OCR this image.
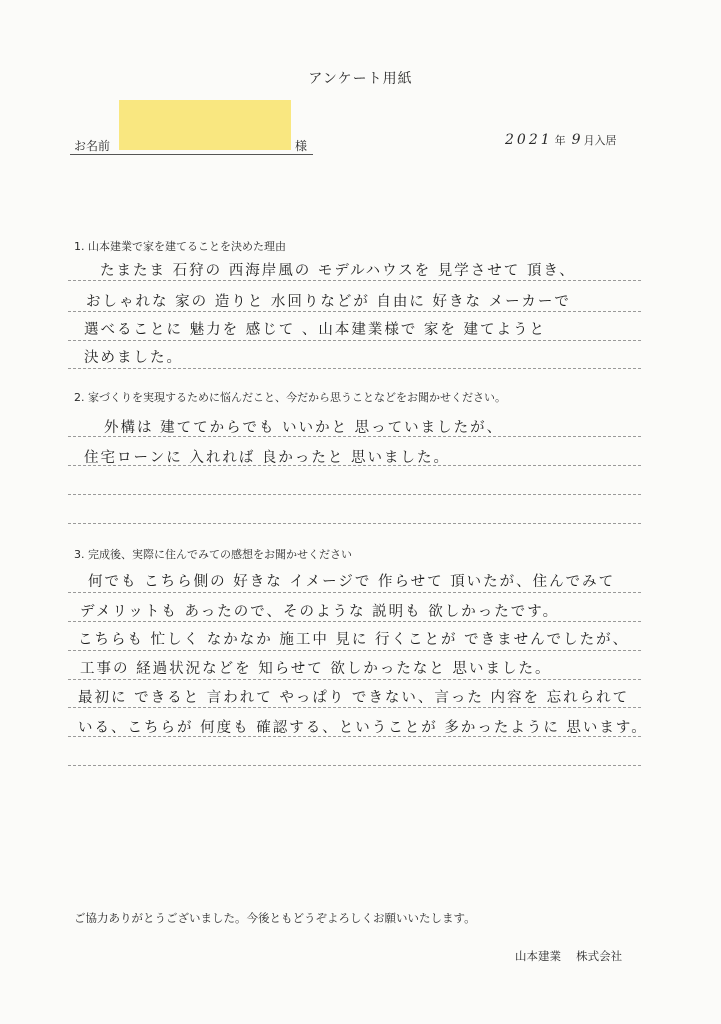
アンケート用紙
お名前	様	2021 年 9月入居
1. 山本建業で家を建てることを決めた理由
たまたま 石狩の 西海岸風の モデルハウスを 見学させて 頂き、
おしゃれな 家の 造りと 水回りなどが 自由に 好きな メーカーで
選べることに 魅力を 感じて 、山本建業様で 家を 建てようと
決めました。
2. 家づくりを実現するために悩んだこと、今だから思うことなどをお聞かせください。
外構は 建ててからでも いいかと 思っていましたが、
住宅ローンに 入れれば 良かったと 思いました。
3. 完成後、実際に住んでみての感想をお聞かせください
何でも こちら側の 好きな イメージで 作らせて 頂いたが、住んでみて
デメリットも あったので、そのような 説明も 欲しかったです。
こちらも 忙しく なかなか 施工中 見に 行くことが できませんでしたが、
工事の 経過状況などを 知らせて 欲しかったなと 思いました。
最初に できると 言われて やっぱり できない、言った 内容を 忘れられて
いる、こちらが 何度も 確認する、ということが 多かったように 思います。
ご協力ありがとうございました。今後ともどうぞよろしくお願いいたします。
山本建業　 株式会社
